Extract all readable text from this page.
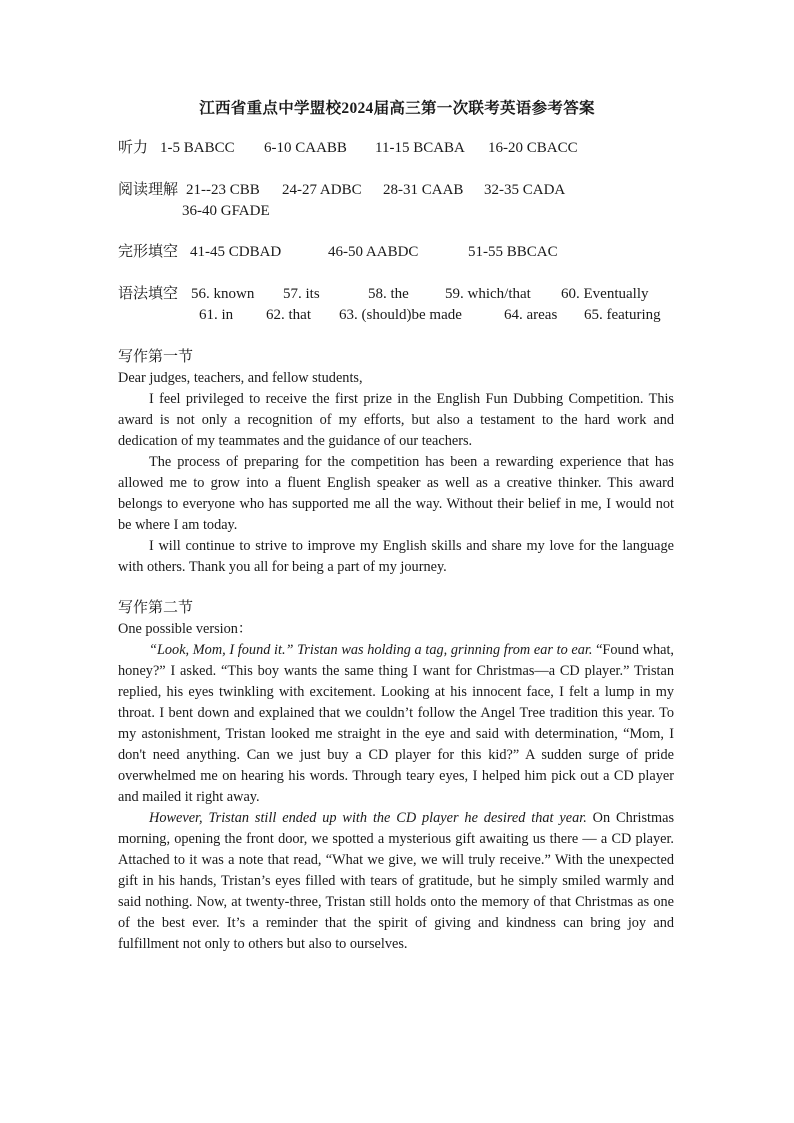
江西省重点中学盟校2024届高三第一次联考英语参考答案
听力 1-5 BABCC 6-10 CAABB 11-15 BCABA 16-20 CBACC
阅读理解 21--23 CBB 24-27 ADBC 28-31 CAAB 32-35 CADA
36-40 GFADE
完形填空 41-45 CDBAD	46-50 AABDC	51-55 BBCAC
语法填空 56. known 57. its	58. the 59. which/that 60. Eventually
61. in 62. that 63. (should)be made	64. areas 65. featuring
写作第一节

Dear judges, teachers, and fellow students,

I feel privileged to receive the first prize in the English Fun Dubbing Competition. This award is not only a recognition of my efforts, but also a testament to the hard work and dedication of my teammates and the guidance of our teachers.

The process of preparing for the competition has been a rewarding experience that has allowed me to grow into a fluent English speaker as well as a creative thinker. This award belongs to everyone who has supported me all the way. Without their belief in me, I would not be where I am today.

I will continue to strive to improve my English skills and share my love for the language with others. Thank you all for being a part of my journey.

写作第二节

One possible version：

“Look, Mom, I found it.” Tristan was holding a tag, grinning from ear to ear. “Found what, honey?” I asked. “This boy wants the same thing I want for Christmas—a CD player.” Tristan replied, his eyes twinkling with excitement. Looking at his innocent face, I felt a lump in my throat. I bent down and explained that we couldn’t follow the Angel Tree tradition this year. To my astonishment, Tristan looked me straight in the eye and said with determination, “Mom, I don't need anything. Can we just buy a CD player for this kid?” A sudden surge of pride overwhelmed me on hearing his words. Through teary eyes, I helped him pick out a CD player and mailed it right away.

However, Tristan still ended up with the CD player he desired that year. On Christmas morning, opening the front door, we spotted a mysterious gift awaiting us there — a CD player. Attached to it was a note that read, “What we give, we will truly receive.” With the unexpected gift in his hands, Tristan’s eyes filled with tears of gratitude, but he simply smiled warmly and said nothing. Now, at twenty-three, Tristan still holds onto the memory of that Christmas as one of the best ever. It’s a reminder that the spirit of giving and kindness can bring joy and fulfillment not only to others but also to ourselves.
